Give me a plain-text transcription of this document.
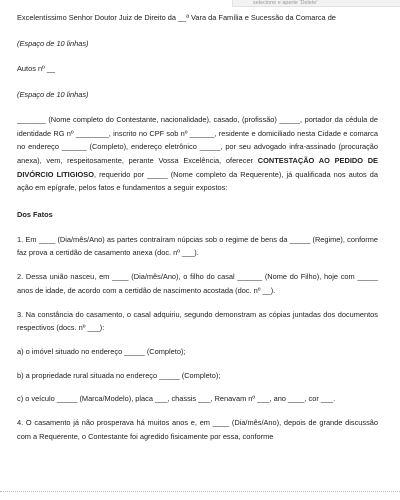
selecione e aperte 'Delete'

Excelentíssimo Senhor Doutor Juiz de Direito da __ª Vara da Família e Sucessão da Comarca de

(Espaço de 10 linhas)

Autos nº __

(Espaço de 10 linhas)

_______ (Nome completo do Contestante, nacionalidade), casado, (profissão) _____, portador da cédula de identidade RG nº ________, inscrito no CPF sob nº ______, residente e domiciliado nesta Cidade e comarca no endereço ______ (Completo), endereço eletrônico _____, por seu advogado infra-assinado (procuração anexa), vem, respeitosamente, perante Vossa Excelência, oferecer CONTESTAÇÃO AO PEDIDO DE DIVÓRCIO LITIGIOSO, requerido por _____ (Nome completo da Requerente), já qualificada nos autos da ação em epígrafe, pelos fatos e fundamentos a seguir expostos:

Dos Fatos

1. Em ____ (Dia/mês/Ano) as partes contraíram núpcias sob o regime de bens da _____ (Regime), conforme faz prova a certidão de casamento anexa (doc. nº ___).

2. Dessa união nasceu, em ____ (Dia/mês/Ano), o filho do casal ______ (Nome do Filho), hoje com _____ anos de idade, de acordo com a certidão de nascimento acostada (doc. nº __).

3. Na constância do casamento, o casal adquiriu, segundo demonstram as cópias juntadas dos documentos respectivos (docs. nº ___):

a) o imóvel situado no endereço _____ (Completo);

b) a propriedade rural situada no endereço _____ (Completo);

c) o veículo _____ (Marca/Modelo), placa ___, chassis ___, Renavam nº ___, ano ____, cor ___.

4. O casamento já não prosperava há muitos anos e, em ____ (Dia/mês/Ano), depois de grande discussão com a Requerente, o Contestante foi agredido fisicamente por essa, conforme
